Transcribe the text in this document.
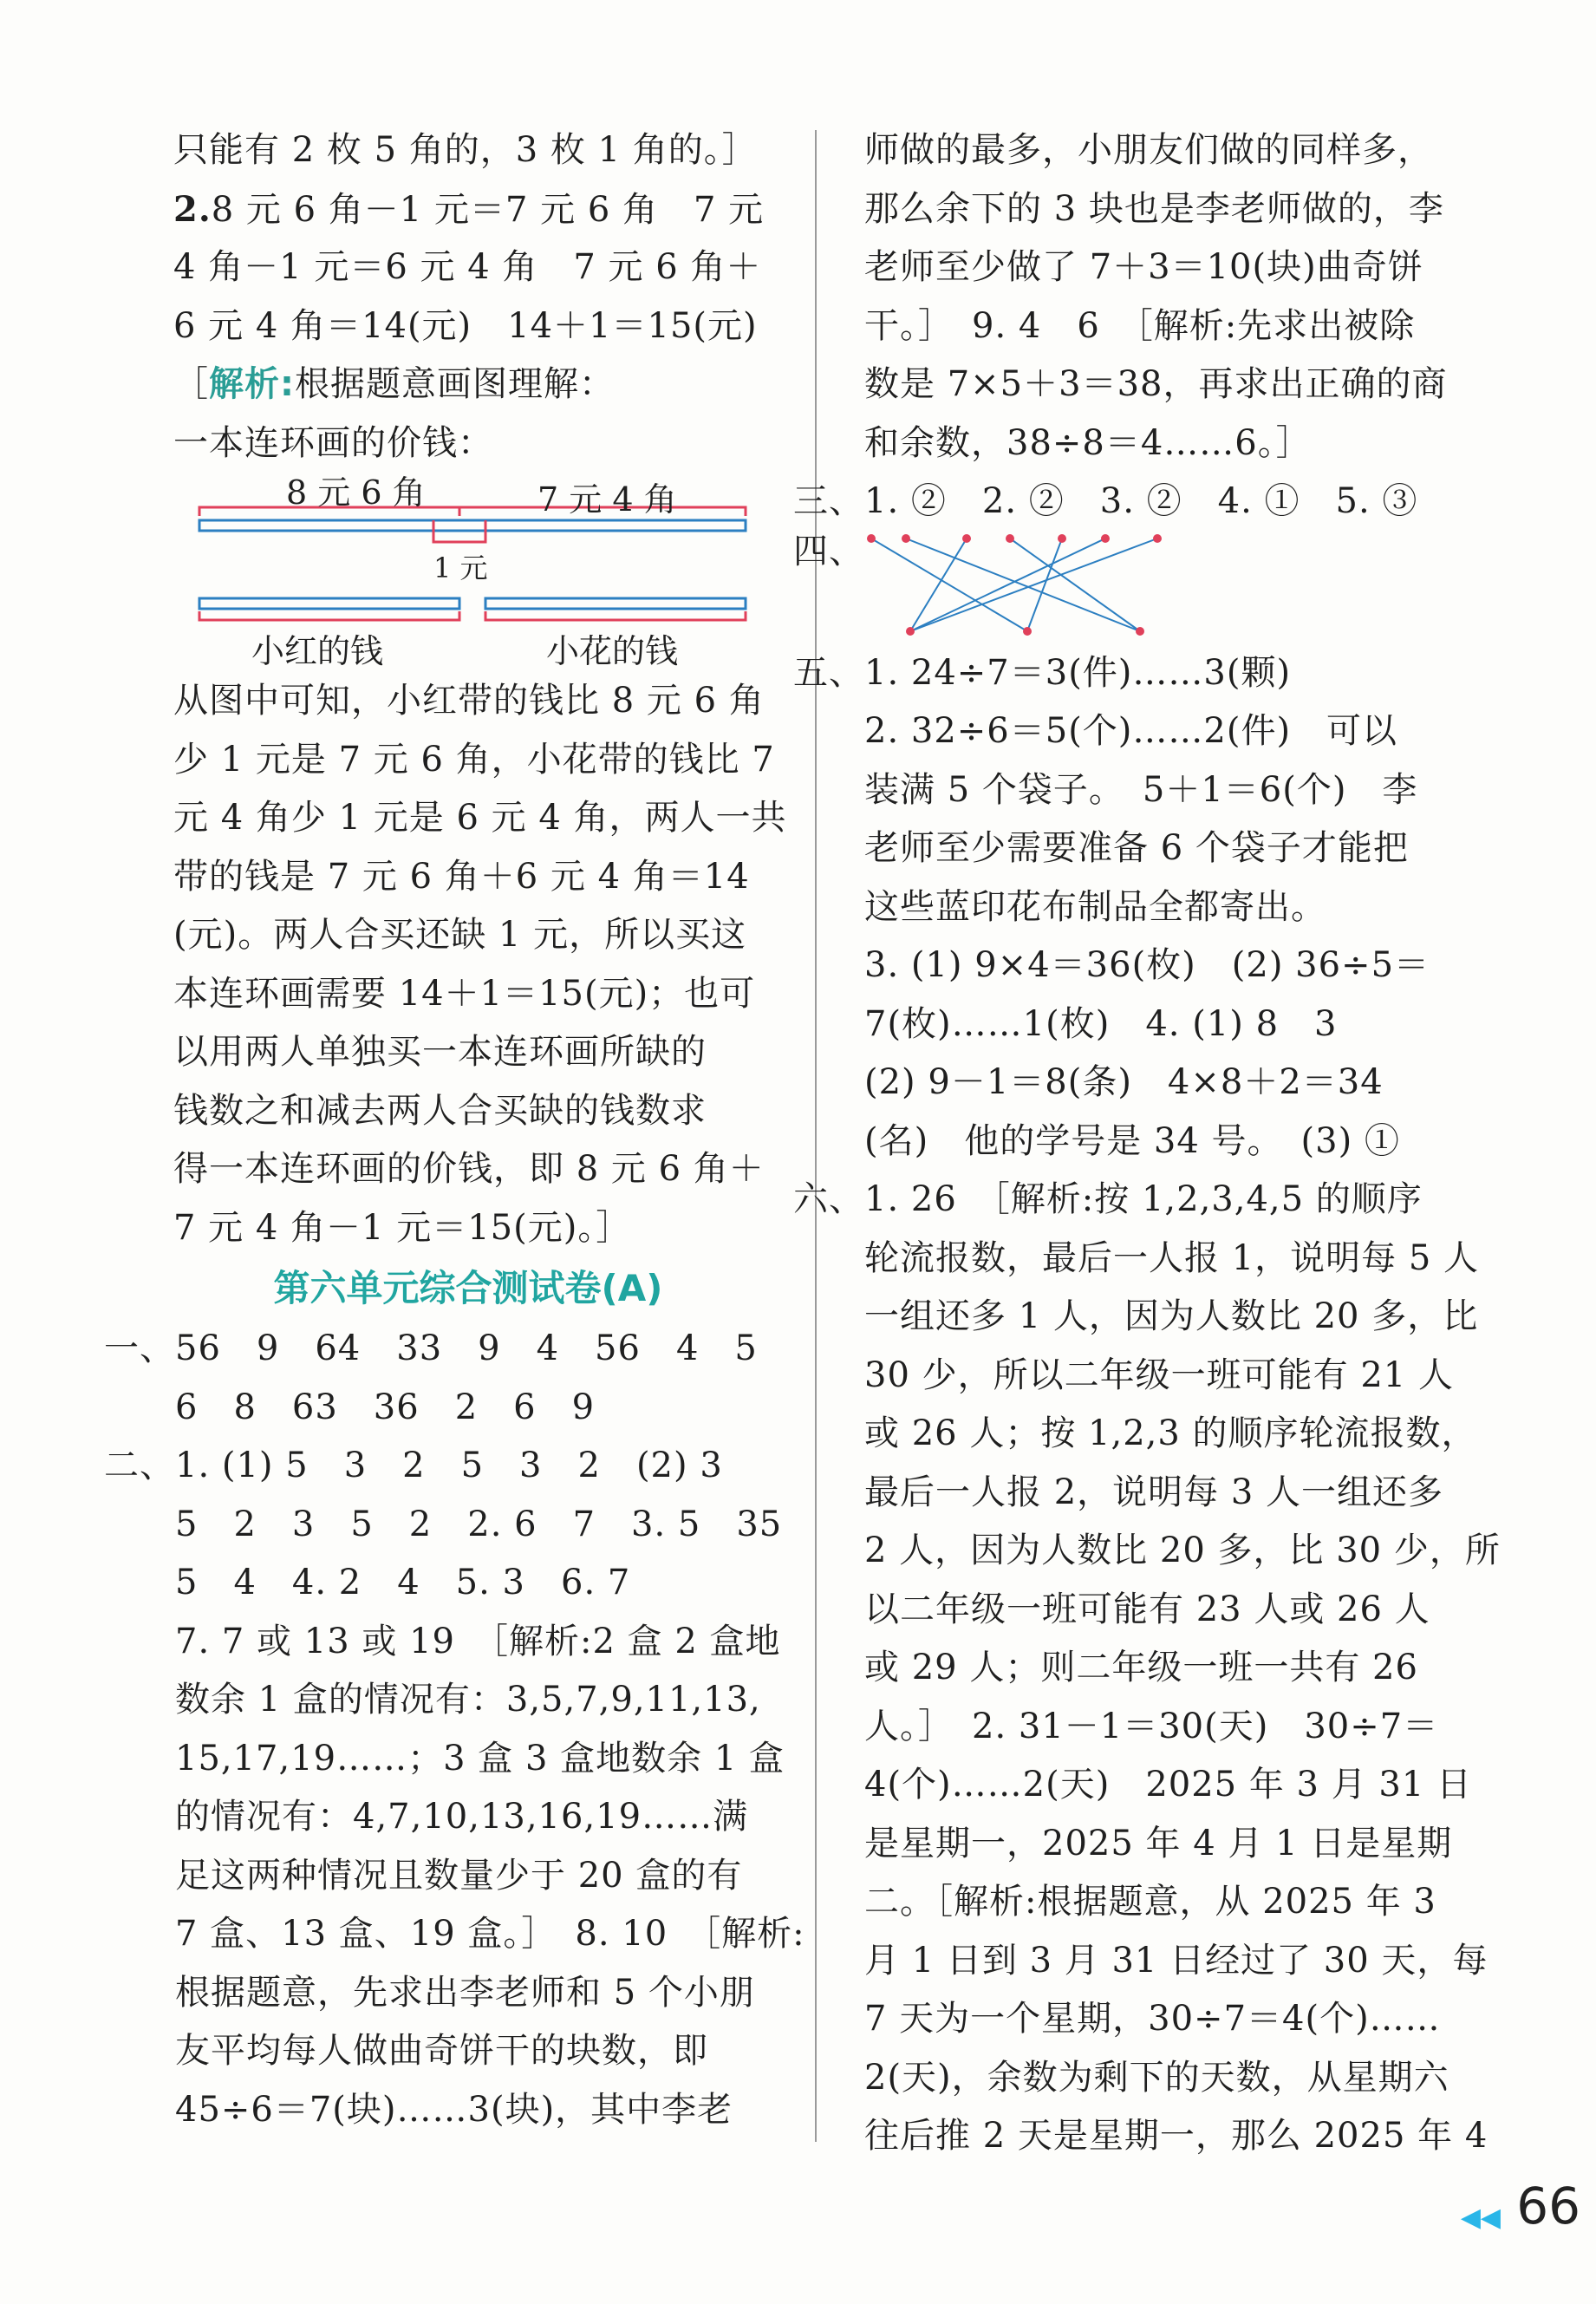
只能有 2 枚 5 角的，3 枚 1 角的。］
2.8 元 6 角－1 元＝7 元 6 角　7 元
4 角－1 元＝6 元 4 角　7 元 6 角＋
6 元 4 角＝14(元)　14＋1＝15(元)
［解析:根据题意画图理解：
一本连环画的价钱：
8 元 6 角	7 元 4 角
1 元
小红的钱	小花的钱
从图中可知，小红带的钱比 8 元 6 角
少 1 元是 7 元 6 角，小花带的钱比 7
元 4 角少 1 元是 6 元 4 角，两人一共
带的钱是 7 元 6 角＋6 元 4 角＝14
(元)。两人合买还缺 1 元，所以买这
本连环画需要 14＋1＝15(元)；也可
以用两人单独买一本连环画所缺的
钱数之和减去两人合买缺的钱数求
得一本连环画的价钱，即 8 元 6 角＋
7 元 4 角－1 元＝15(元)。］
第六单元综合测试卷(A)
一、56　9　64　33　9　4　56　4　5
　　6　8　63　36　2　6　9
二、1. (1) 5　3　2　5　3　2　(2) 3
　　5　2　3　5　2　2. 6　7　3. 5　35
　　5　4　4. 2　4　5. 3　6. 7
　　7. 7 或 13 或 19　［解析:2 盒 2 盒地
　　数余 1 盒的情况有：3,5,7,9,11,13,
　　15,17,19……；3 盒 3 盒地数余 1 盒
　　的情况有：4,7,10,13,16,19……满
　　足这两种情况且数量少于 20 盒的有
　　7 盒、13 盒、19 盒。］　8. 10　［解析:
　　根据题意，先求出李老师和 5 个小朋
　　友平均每人做曲奇饼干的块数，即
　　45÷6＝7(块)……3(块)，其中李老
　　师做的最多，小朋友们做的同样多，
　　那么余下的 3 块也是李老师做的，李
　　老师至少做了 7＋3＝10(块)曲奇饼
　　干。］　9. 4　6　［解析:先求出被除
　　数是 7×5＋3＝38，再求出正确的商
　　和余数，38÷8＝4……6。］
三、1. ②　2. ②　3. ②　4. ①　5. ③
四、
五、1. 24÷7＝3(件)……3(颗)
　　2. 32÷6＝5(个)……2(件)　可以
　　装满 5 个袋子。　5＋1＝6(个)　李
　　老师至少需要准备 6 个袋子才能把
　　这些蓝印花布制品全都寄出。
　　3. (1) 9×4＝36(枚)　(2) 36÷5＝
　　7(枚)……1(枚)　4. (1) 8　3
　　(2) 9－1＝8(条)　4×8＋2＝34
　　(名)　他的学号是 34 号。　(3) ①
六、1. 26　［解析:按 1,2,3,4,5 的顺序
　　轮流报数，最后一人报 1，说明每 5 人
　　一组还多 1 人，因为人数比 20 多，比
　　30 少，所以二年级一班可能有 21 人
　　或 26 人；按 1,2,3 的顺序轮流报数，
　　最后一人报 2，说明每 3 人一组还多
　　2 人，因为人数比 20 多，比 30 少，所
　　以二年级一班可能有 23 人或 26 人
　　或 29 人；则二年级一班一共有 26
　　人。］　2. 31－1＝30(天)　30÷7＝
　　4(个)……2(天)　2025 年 3 月 31 日
　　是星期一，2025 年 4 月 1 日是星期
　　二。［解析:根据题意，从 2025 年 3
　　月 1 日到 3 月 31 日经过了 30 天，每
　　7 天为一个星期，30÷7＝4(个)……
　　2(天)，余数为剩下的天数，从星期六
　　往后推 2 天是星期一，那么 2025 年 4
◀◀ 66
